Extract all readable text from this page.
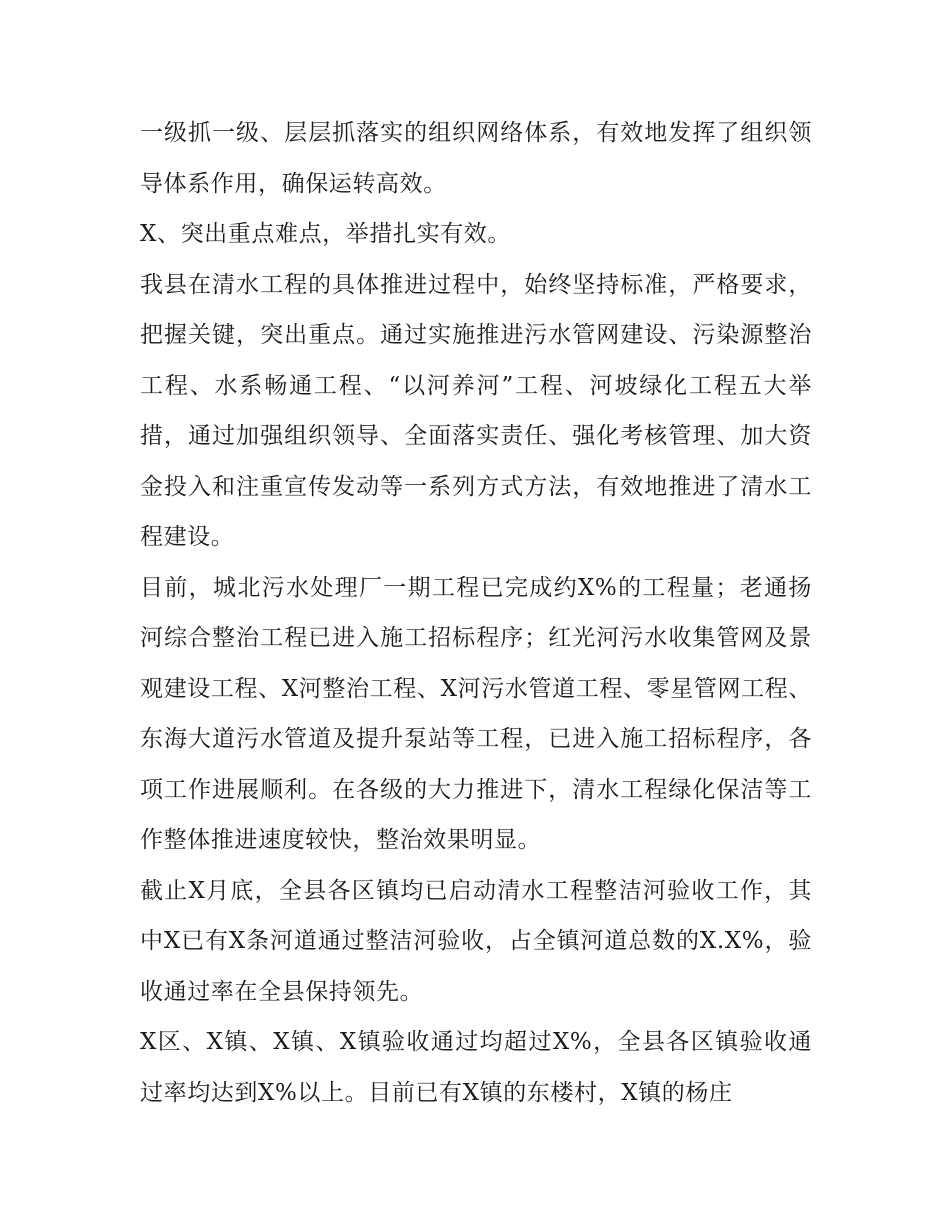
一级抓一级、层层抓落实的组织网络体系，有效地发挥了组织领导体系作用，确保运转高效。

X、突出重点难点，举措扎实有效。

我县在清水工程的具体推进过程中，始终坚持标准，严格要求，把握关键，突出重点。通过实施推进污水管网建设、污染源整治工程、水系畅通工程、“以河养河”工程、河坡绿化工程五大举措，通过加强组织领导、全面落实责任、强化考核管理、加大资金投入和注重宣传发动等一系列方式方法，有效地推进了清水工程建设。

目前，城北污水处理厂一期工程已完成约X%的工程量；老通扬河综合整治工程已进入施工招标程序；红光河污水收集管网及景观建设工程、X河整治工程、X河污水管道工程、零星管网工程、东海大道污水管道及提升泵站等工程，已进入施工招标程序，各项工作进展顺利。在各级的大力推进下，清水工程绿化保洁等工作整体推进速度较快，整治效果明显。

截止X月底，全县各区镇均已启动清水工程整洁河验收工作，其中X已有X条河道通过整洁河验收，占全镇河道总数的X.X%，验收通过率在全县保持领先。

X区、X镇、X镇、X镇验收通过均超过X%，全县各区镇验收通过率均达到X%以上。目前已有X镇的东楼村，X镇的杨庄
